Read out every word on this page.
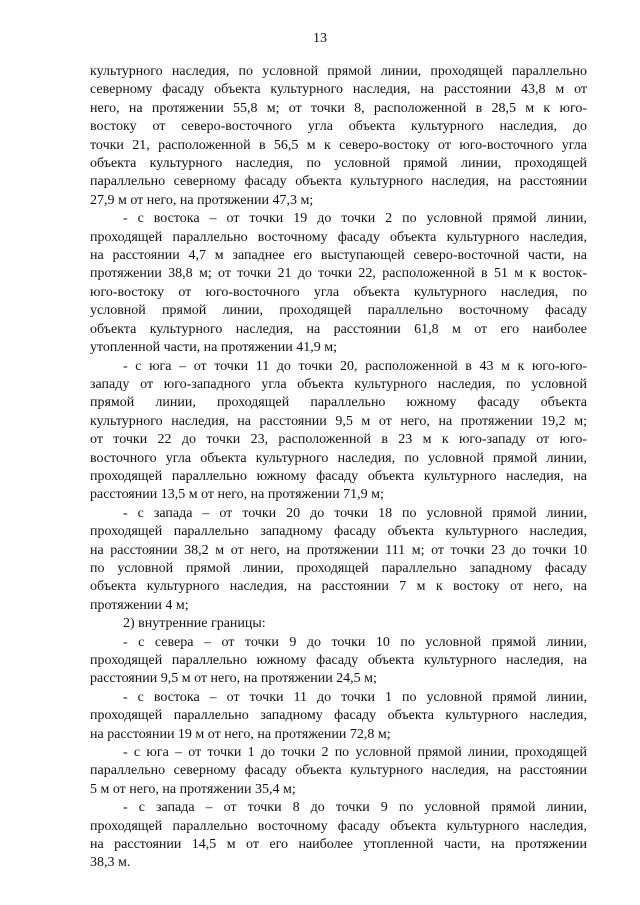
13
культурного наследия, по условной прямой линии, проходящей параллельно
северному фасаду объекта культурного наследия, на расстоянии 43,8 м от
него, на протяжении 55,8 м; от точки 8, расположенной в 28,5 м к юго-
востоку от северо-восточного угла объекта культурного наследия, до
точки 21, расположенной в 56,5 м к северо-востоку от юго-восточного угла
объекта культурного наследия, по условной прямой линии, проходящей
параллельно северному фасаду объекта культурного наследия, на расстоянии
27,9 м от него, на протяжении 47,3 м;
- с востока – от точки 19 до точки 2 по условной прямой линии,
проходящей параллельно восточному фасаду объекта культурного наследия,
на расстоянии 4,7 м западнее его выступающей северо-восточной части, на
протяжении 38,8 м; от точки 21 до точки 22, расположенной в 51 м к восток-
юго-востоку от юго-восточного угла объекта культурного наследия, по
условной прямой линии, проходящей параллельно восточному фасаду
объекта культурного наследия, на расстоянии 61,8 м от его наиболее
утопленной части, на протяжении 41,9 м;
- с юга – от точки 11 до точки 20, расположенной в 43 м к юго-юго-
западу от юго-западного угла объекта культурного наследия, по условной
прямой линии, проходящей параллельно южному фасаду объекта
культурного наследия, на расстоянии 9,5 м от него, на протяжении 19,2 м;
от точки 22 до точки 23, расположенной в 23 м к юго-западу от юго-
восточного угла объекта культурного наследия, по условной прямой линии,
проходящей параллельно южному фасаду объекта культурного наследия, на
расстоянии 13,5 м от него, на протяжении 71,9 м;
- с запада – от точки 20 до точки 18 по условной прямой линии,
проходящей параллельно западному фасаду объекта культурного наследия,
на расстоянии 38,2 м от него, на протяжении 111 м; от точки 23 до точки 10
по условной прямой линии, проходящей параллельно западному фасаду
объекта культурного наследия, на расстоянии 7 м к востоку от него, на
протяжении 4 м;
2) внутренние границы:
- с севера – от точки 9 до точки 10 по условной прямой линии,
проходящей параллельно южному фасаду объекта культурного наследия, на
расстоянии 9,5 м от него, на протяжении 24,5 м;
- с востока – от точки 11 до точки 1 по условной прямой линии,
проходящей параллельно западному фасаду объекта культурного наследия,
на расстоянии 19 м от него, на протяжении 72,8 м;
- с юга – от точки 1 до точки 2 по условной прямой линии, проходящей
параллельно северному фасаду объекта культурного наследия, на расстоянии
5 м от него, на протяжении 35,4 м;
- с запада – от точки 8 до точки 9 по условной прямой линии,
проходящей параллельно восточному фасаду объекта культурного наследия,
на расстоянии 14,5 м от его наиболее утопленной части, на протяжении
38,3 м.
